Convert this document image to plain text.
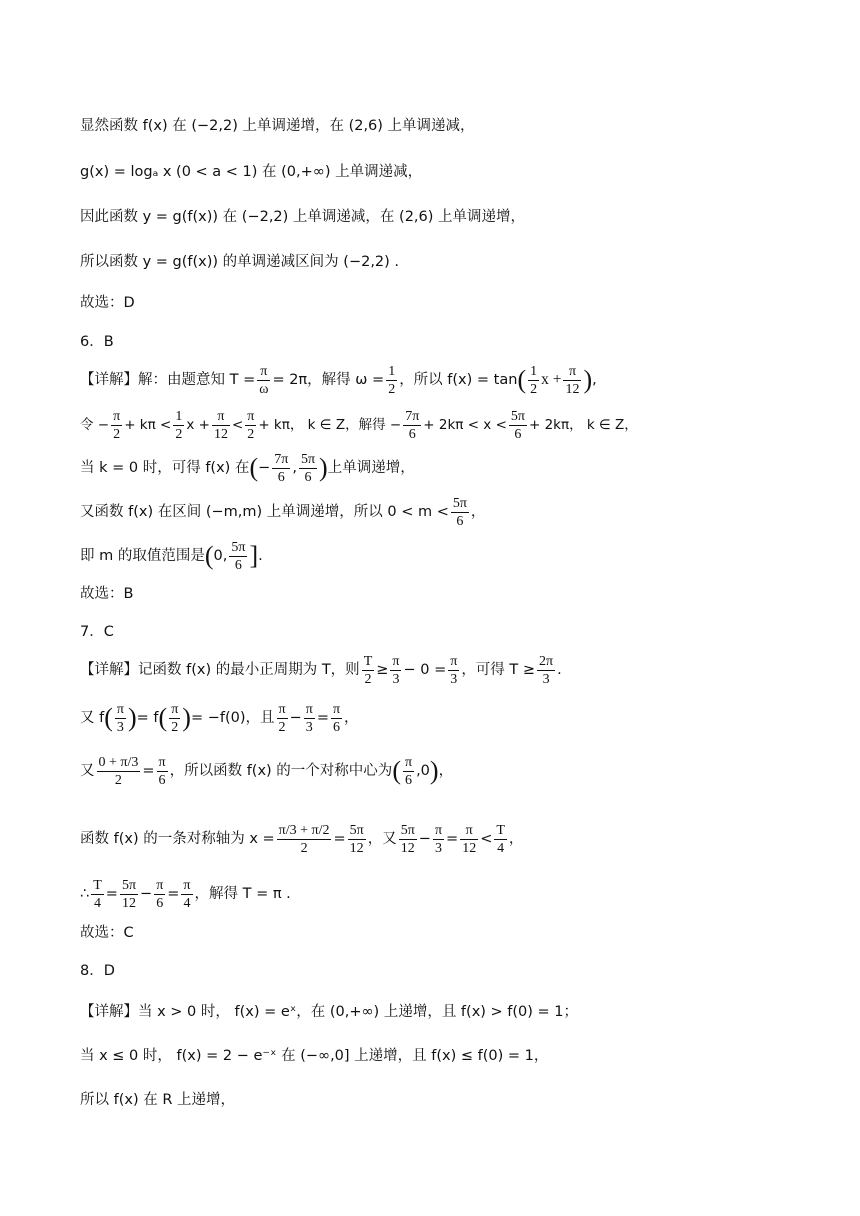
显然函数 f(x) 在 (−2,2) 上单调递增，在 (2,6) 上单调递减，
g(x) = logₐ x (0 < a < 1) 在 (0,+∞) 上单调递减，
因此函数 y = g(f(x)) 在 (−2,2) 上单调递减，在 (2,6) 上单调递增，
所以函数 y = g(f(x)) 的单调递减区间为 (−2,2) .
故选：D
6．B
【详解】解：由题意知 $T = \frac{\pi}{\omega} = 2\pi$，解得 $\omega = \frac{1}{2}$ ，所以 f(x) = tan ( $\frac{1}{2}$ $x + \frac{\pi}{12}$ ) ,
令 − $\frac{\pi}{2} + k\pi < \frac{1}{2}$ $x + \frac{\pi}{12} < \frac{\pi}{2} + k\pi$， k ∈ Z，解得 − $\frac{7\pi}{6} + 2k\pi < x < \frac{5\pi}{6} + 2k\pi$， k ∈ Z，
当 k = 0 时，可得 f(x) 在 ( − $\frac{7\pi}{6}$ , $\frac{5\pi}{6}$ ) 上单调递增，
又函数 f(x) 在区间 (−m,m) 上单调递增，所以 $0 < m < \frac{5\pi}{6}$ ，
即 m 的取值范围是 ( 0, $\frac{5\pi}{6}$ ] .
故选：B
7．C
【详解】记函数 f(x) 的最小正周期为 T，则 $\frac{T}{2} \ge \frac{\pi}{3} - 0 = \frac{\pi}{3}$ ，可得 $T \ge \frac{2\pi}{3}$ .
又 f ( $\frac{\pi}{3}$ ) = f ( $\frac{\pi}{2}$ ) = −f(0)，且 $\frac{\pi}{2} - \frac{\pi}{3} = \frac{\pi}{6}$ ，
又 $\frac{0 + \pi/3}{2} = \frac{\pi}{6}$ ，所以函数 f(x) 的一个对称中心为 ( $\frac{\pi}{6} ,0$ ) ，
函数 f(x) 的一条对称轴为 $x = \frac{\pi/3 + \pi/2}{2} = \frac{5\pi}{12}$ ，又 $\frac{5\pi}{12} - \frac{\pi}{3} = \frac{\pi}{12} < \frac{T}{4}$ ，
∴ $\frac{T}{4} = \frac{5\pi}{12} - \frac{\pi}{6} = \frac{\pi}{4}$ ，解得 T = π .
故选：C
8．D
【详解】当 x > 0 时， f(x) = eˣ，在 (0,+∞) 上递增，且 f(x) > f(0) = 1；
当 x ≤ 0 时， f(x) = 2 − e⁻ˣ 在 (−∞,0] 上递增，且 f(x) ≤ f(0) = 1，
所以 f(x) 在 R 上递增，
